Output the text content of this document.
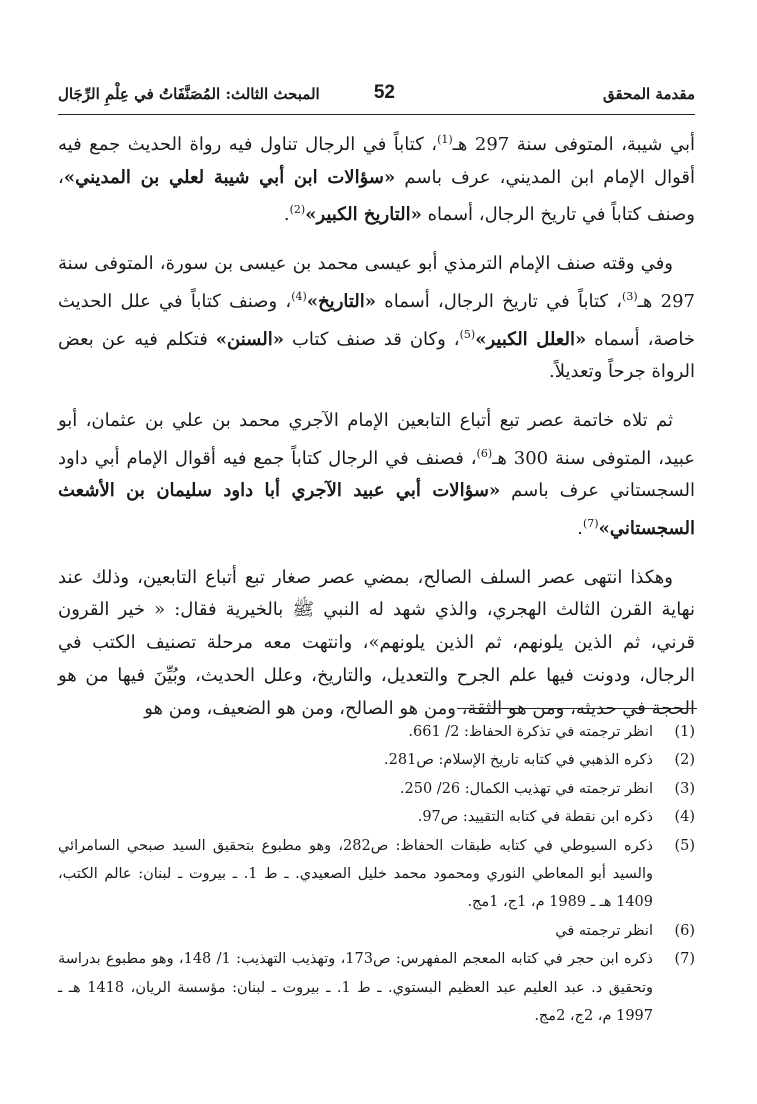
مقدمة المحقق
52
المبحث الثالث: المُصَنَّفَاتُ في عِلْمِ الرِّجَال

أبي شيبة، المتوفى سنة 297 هـ$^{(1)}$، كتاباً في الرجال تناول فيه رواة الحديث جمع فيه أقوال الإمام ابن المديني، عرف باسم «سؤالات ابن أبي شيبة لعلي بن المديني»، وصنف كتاباً في تاريخ الرجال، أسماه «التاريخ الكبير»$^{(2)}$.

وفي وقته صنف الإمام الترمذي أبو عيسى محمد بن عيسى بن سورة، المتوفى سنة 297 هـ$^{(3)}$، كتاباً في تاريخ الرجال، أسماه «التاريخ»$^{(4)}$، وصنف كتاباً في علل الحديث خاصة، أسماه «العلل الكبير»$^{(5)}$، وكان قد صنف كتاب «السنن» فتكلم فيه عن بعض الرواة جرحاً وتعديلاً.

ثم تلاه خاتمة عصر تبع أتباع التابعين الإمام الآجري محمد بن علي بن عثمان، أبو عبيد، المتوفى سنة 300 هـ$^{(6)}$، فصنف في الرجال كتاباً جمع فيه أقوال الإمام أبي داود السجستاني عرف باسم «سؤالات أبي عبيد الآجري أبا داود سليمان بن الأشعث السجستاني»$^{(7)}$.

وهكذا انتهى عصر السلف الصالح، بمضي عصر صغار تبع أتباع التابعين، وذلك عند نهاية القرن الثالث الهجري، والذي شهد له النبي ﷺ بالخيرية فقال: « خير القرون قرني، ثم الذين يلونهم، ثم الذين يلونهم»، وانتهت معه مرحلة تصنيف الكتب في الرجال، ودونت فيها علم الجرح والتعديل، والتاريخ، وعلل الحديث، وبُيِّنَ فيها من هو الحجة في حديثه، ومن هو الثقة، ومن هو الصالح، ومن هو الضعيف، ومن هو

(1)
انظر ترجمته في تذكرة الحفاظ: 2/ 661.
(2)
ذكره الذهبي في كتابه تاريخ الإسلام: ص281.
(3)
انظر ترجمته في تهذيب الكمال: 26/ 250.
(4)
ذكره ابن نقطة في كتابه التقييد: ص97.
(5)
ذكره السيوطي في كتابه طبقات الحفاظ: ص282، وهو مطبوع بتحقيق السيد صبحي السامرائي والسيد أبو المعاطي النوري ومحمود محمد خليل الصعيدي. ـ ط 1. ـ بيروت ـ لبنان: عالم الكتب، 1409 هـ ـ 1989 م، 1ج، 1مج.
(6)
انظر ترجمته في
(7)
ذكره ابن حجر في كتابه المعجم المفهرس: ص173، وتهذيب التهذيب: 1/ 148، وهو مطبوع بدراسة وتحقيق د. عبد العليم عبد العظيم البستوي. ـ ط 1. ـ بيروت ـ لبنان: مؤسسة الريان، 1418 هـ ـ 1997 م، 2ج، 2مج.
